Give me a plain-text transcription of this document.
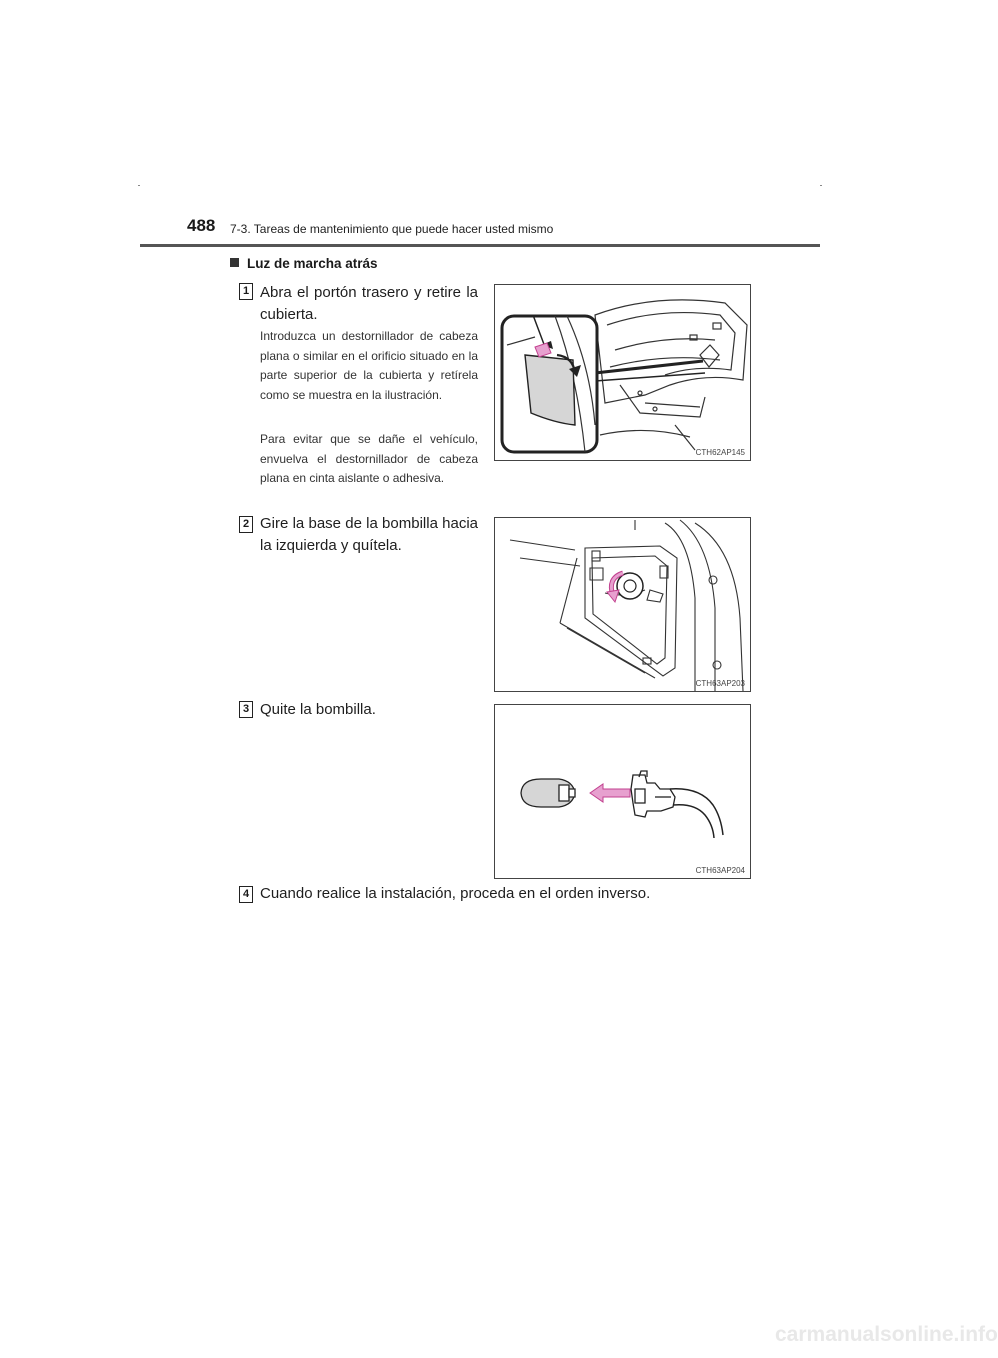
488 7-3. Tareas de mantenimiento que puede hacer usted mismo
Luz de marcha atrás
1 Abra el portón trasero y retire la cubierta.
Introduzca un destornillador de cabeza plana o similar en el orificio situado en la parte superior de la cubierta y retírela como se muestra en la ilustración.
Para evitar que se dañe el vehículo, envuelva el destornillador de cabeza plana en cinta aislante o adhesiva.
CTH62AP145
2 Gire la base de la bombilla hacia la izquierda y quítela.
CTH63AP203
3 Quite la bombilla.
CTH63AP204
4 Cuando realice la instalación, proceda en el orden inverso.
carmanualsonline.info
